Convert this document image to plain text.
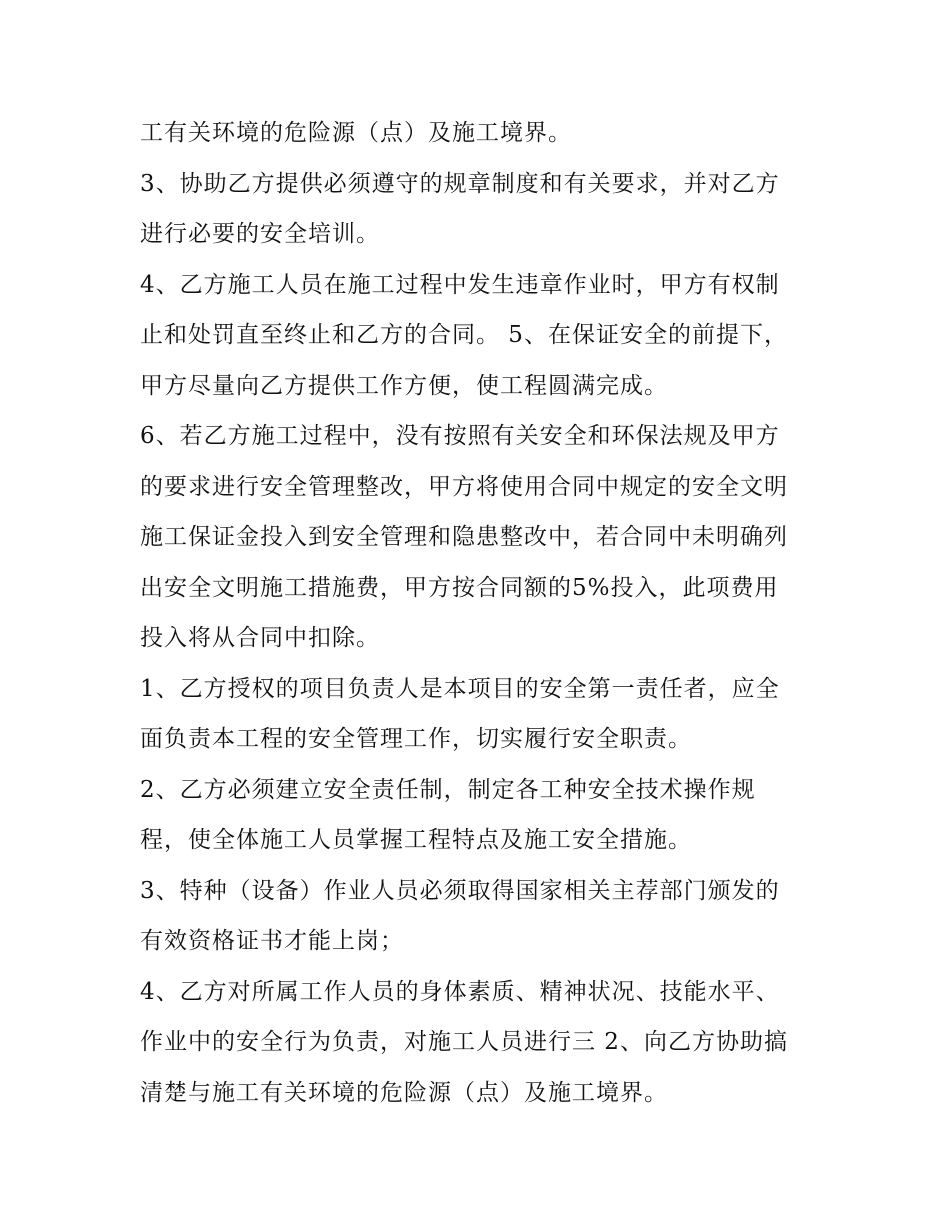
工有关环境的危险源（点）及施工境界。
3、协助乙方提供必须遵守的规章制度和有关要求，并对乙方
进行必要的安全培训。
4、乙方施工人员在施工过程中发生违章作业时，甲方有权制
止和处罚直至终止和乙方的合同。 5、在保证安全的前提下，
甲方尽量向乙方提供工作方便，使工程圆满完成。
6、若乙方施工过程中，没有按照有关安全和环保法规及甲方
的要求进行安全管理整改，甲方将使用合同中规定的安全文明
施工保证金投入到安全管理和隐患整改中，若合同中未明确列
出安全文明施工措施费，甲方按合同额的5%投入，此项费用
投入将从合同中扣除。
1、乙方授权的项目负责人是本项目的安全第一责任者，应全
面负责本工程的安全管理工作，切实履行安全职责。
2、乙方必须建立安全责任制，制定各工种安全技术操作规
程，使全体施工人员掌握工程特点及施工安全措施。
3、特种（设备）作业人员必须取得国家相关主荐部门颁发的
有效资格证书才能上岗；
4、乙方对所属工作人员的身体素质、精神状况、技能水平、
作业中的安全行为负责，对施工人员进行三 2、向乙方协助搞
清楚与施工有关环境的危险源（点）及施工境界。
